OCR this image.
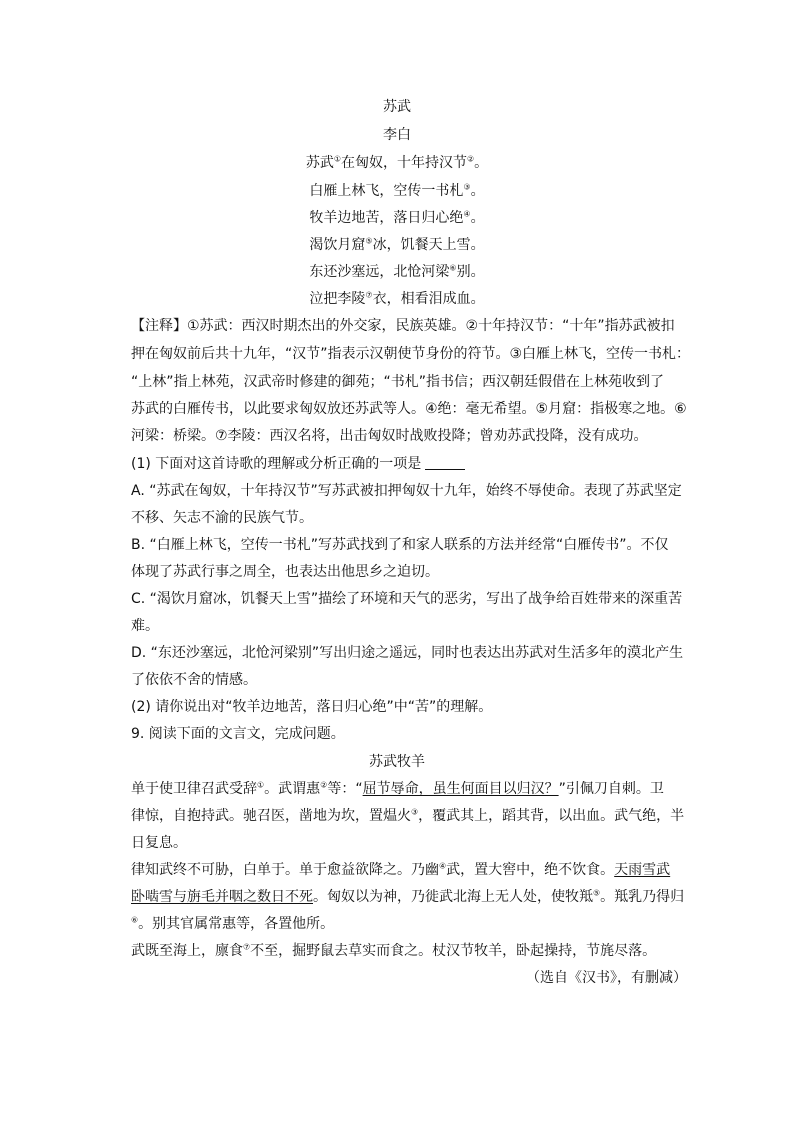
苏武
李白
苏武①在匈奴，十年持汉节②。
白雁上林飞，空传一书札③。
牧羊边地苦，落日归心绝④。
渴饮月窟⑤冰，饥餐天上雪。
东还沙塞远，北怆河梁⑥别。
泣把李陵⑦衣，相看泪成血。
【注释】①苏武：西汉时期杰出的外交家，民族英雄。②十年持汉节：“十年”指苏武被扣
押在匈奴前后共十九年，“汉节”指表示汉朝使节身份的符节。③白雁上林飞，空传一书札：
“上林”指上林苑，汉武帝时修建的御苑；“书札”指书信；西汉朝廷假借在上林苑收到了
苏武的白雁传书，以此要求匈奴放还苏武等人。④绝：毫无希望。⑤月窟：指极寒之地。⑥
河梁：桥梁。⑦李陵：西汉名将，出击匈奴时战败投降；曾劝苏武投降，没有成功。
(1) 下面对这首诗歌的理解或分析正确的一项是
A. “苏武在匈奴，十年持汉节”写苏武被扣押匈奴十九年，始终不辱使命。表现了苏武坚定
不移、矢志不渝的民族气节。
B. “白雁上林飞，空传一书札”写苏武找到了和家人联系的方法并经常“白雁传书”。不仅
体现了苏武行事之周全，也表达出他思乡之迫切。
C. “渴饮月窟冰，饥餐天上雪”描绘了环境和天气的恶劣，写出了战争给百姓带来的深重苦
难。
D. “东还沙塞远，北怆河梁别”写出归途之遥远，同时也表达出苏武对生活多年的漠北产生
了依依不舍的情感。
(2) 请你说出对“牧羊边地苦，落日归心绝”中“苦”的理解。
9. 阅读下面的文言文，完成问题。
苏武牧羊
单于使卫律召武受辞①。武谓惠②等：“屈节辱命，虽生何面目以归汉？”引佩刀自刺。卫
律惊，自抱持武。驰召医，凿地为坎，置煴火③，覆武其上，蹈其背，以出血。武气绝，半
日复息。
律知武终不可胁，白单于。单于愈益欲降之。乃幽④武，置大窖中，绝不饮食。天雨雪武
卧啮雪与旃毛并咽之数日不死。匈奴以为神，乃徙武北海上无人处，使牧羝⑤。羝乳乃得归
⑥。别其官属常惠等，各置他所。
武既至海上，廪食⑦不至，掘野鼠去草实而食之。杖汉节牧羊，卧起操持，节旄尽落。
（选自《汉书》，有删减）
